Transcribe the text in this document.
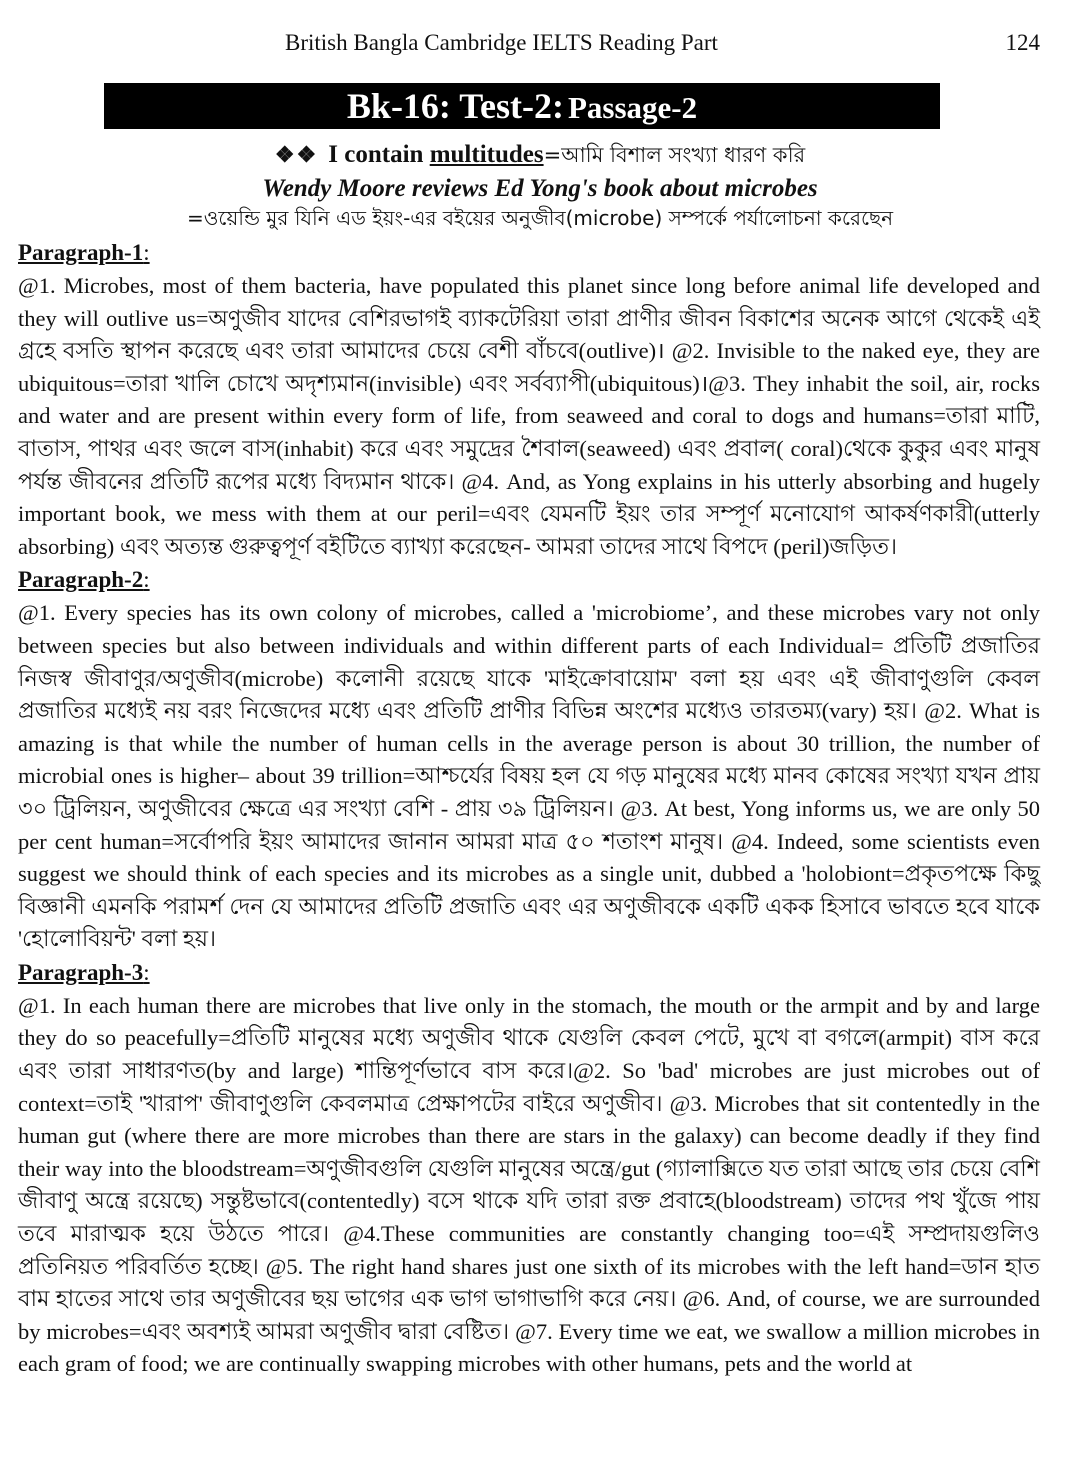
British Bangla Cambridge IELTS Reading Part	124
Bk-16: Test-2: Passage-2
❖❖ I contain multitudes=আমি বিশাল সংখ্যা ধারণ করি
Wendy Moore reviews Ed Yong's book about microbes
=ওয়েন্ডি মুর যিনি এড ইয়ং-এর বইয়ের অনুজীব(microbe) সম্পর্কে পর্যালোচনা করেছেন
Paragraph-1:

@1. Microbes, most of them bacteria, have populated this planet since long before animal life developed and they will outlive us=অণুজীব যাদের বেশিরভাগই ব্যাকটেরিয়া তারা প্রাণীর জীবন বিকাশের অনেক আগে থেকেই এই গ্রহে বসতি স্থাপন করেছে এবং তারা আমাদের চেয়ে বেশী বাঁচবে(outlive)। @2. Invisible to the naked eye, they are ubiquitous=তারা খালি চোখে অদৃশ্যমান(invisible) এবং সর্বব্যাপী(ubiquitous)।@3. They inhabit the soil, air, rocks and water and are present within every form of life, from seaweed and coral to dogs and humans=তারা মাটি, বাতাস, পাথর এবং জলে বাস(inhabit) করে এবং সমুদ্রের শৈবাল(seaweed) এবং প্রবাল( coral)থেকে কুকুর এবং মানুষ পর্যন্ত জীবনের প্রতিটি রূপের মধ্যে বিদ্যমান থাকে। @4. And, as Yong explains in his utterly absorbing and hugely important book, we mess with them at our peril=এবং যেমনটি ইয়ং তার সম্পূর্ণ মনোযোগ আকর্ষণকারী(utterly absorbing) এবং অত্যন্ত গুরুত্বপূর্ণ বইটিতে ব্যাখ্যা করেছেন- আমরা তাদের সাথে বিপদে (peril)জড়িত।

Paragraph-2:

@1. Every species has its own colony of microbes, called a 'microbiome’, and these microbes vary not only between species but also between individuals and within different parts of each Individual= প্রতিটি প্রজাতির নিজস্ব জীবাণুর/অণুজীব(microbe) কলোনী রয়েছে যাকে 'মাইক্রোবায়োম' বলা হয় এবং এই জীবাণুগুলি কেবল প্রজাতির মধ্যেই নয় বরং নিজেদের মধ্যে এবং প্রতিটি প্রাণীর বিভিন্ন অংশের মধ্যেও তারতম্য(vary) হয়। @2. What is amazing is that while the number of human cells in the average person is about 30 trillion, the number of microbial ones is higher– about 39 trillion=আশ্চর্যের বিষয় হল যে গড় মানুষের মধ্যে মানব কোষের সংখ্যা যখন প্রায় ৩০ ট্রিলিয়ন, অণুজীবের ক্ষেত্রে এর সংখ্যা বেশি - প্রায় ৩৯ ট্রিলিয়ন। @3. At best, Yong informs us, we are only 50 per cent human=সর্বোপরি ইয়ং আমাদের জানান আমরা মাত্র ৫০ শতাংশ মানুষ। @4. Indeed, some scientists even suggest we should think of each species and its microbes as a single unit, dubbed a 'holobiont=প্রকৃতপক্ষে কিছু বিজ্ঞানী এমনকি পরামর্শ দেন যে আমাদের প্রতিটি প্রজাতি এবং এর অণুজীবকে একটি একক হিসাবে ভাবতে হবে যাকে 'হোলোবিয়ন্ট' বলা হয়।

Paragraph-3:

@1. In each human there are microbes that live only in the stomach, the mouth or the armpit and by and large they do so peacefully=প্রতিটি মানুষের মধ্যে অণুজীব থাকে যেগুলি কেবল পেটে, মুখে বা বগলে(armpit) বাস করে এবং তারা সাধারণত(by and large) শান্তিপূর্ণভাবে বাস করে।@2. So 'bad' microbes are just microbes out of context=তাই 'খারাপ' জীবাণুগুলি কেবলমাত্র প্রেক্ষাপটের বাইরে অণুজীব। @3. Microbes that sit contentedly in the human gut (where there are more microbes than there are stars in the galaxy) can become deadly if they find their way into the bloodstream=অণুজীবগুলি যেগুলি মানুষের অন্ত্রে/gut (গ্যালাক্সিতে যত তারা আছে তার চেয়ে বেশি জীবাণু অন্ত্রে রয়েছে) সন্তুষ্টভাবে(contentedly) বসে থাকে যদি তারা রক্ত প্রবাহে(bloodstream) তাদের পথ খুঁজে পায় তবে মারাত্মক হয়ে উঠতে পারে। @4.These communities are constantly changing too=এই সম্প্রদায়গুলিও প্রতিনিয়ত পরিবর্তিত হচ্ছে। @5. The right hand shares just one sixth of its microbes with the left hand=ডান হাত বাম হাতের সাথে তার অণুজীবের ছয় ভাগের এক ভাগ ভাগাভাগি করে নেয়। @6. And, of course, we are surrounded by microbes=এবং অবশ্যই আমরা অণুজীব দ্বারা বেষ্টিত। @7. Every time we eat, we swallow a million microbes in each gram of food; we are continually swapping microbes with other humans, pets and the world at
